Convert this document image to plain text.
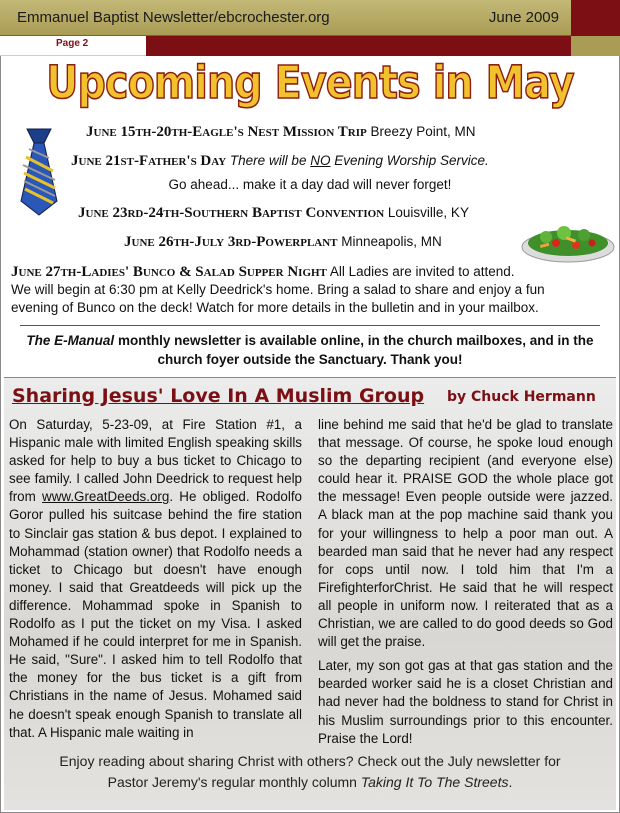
Emmanuel Baptist Newsletter/ebcrochester.org	June 2009
Page 2
Upcoming Events in May
June 15th-20th-Eagle's Nest Mission Trip Breezy Point, MN
June 21st-Father's Day There will be NO Evening Worship Service.
Go ahead... make it a day dad will never forget!
June 23rd-24th-Southern Baptist Convention Louisville, KY
June 26th-July 3rd-Powerplant Minneapolis, MN
June 27th-Ladies' Bunco & Salad Supper Night All Ladies are invited to attend.
We will begin at 6:30 pm at Kelly Deedrick's home. Bring a salad to share and enjoy a fun
evening of Bunco on the deck! Watch for more details in the bulletin and in your mailbox.
The E-Manual monthly newsletter is available online, in the church mailboxes, and in the
church foyer outside the Sanctuary. Thank you!
Sharing Jesus' Love In A Muslim Group by Chuck Hermann

On Saturday, 5-23-09, at Fire Station #1, a Hispanic male with limited English speaking skills asked for help to buy a bus ticket to Chicago to see family. I called John Deedrick to request help from www.GreatDeeds.org. He obliged. Rodolfo Goror pulled his suitcase behind the fire station to Sinclair gas station & bus depot. I explained to Mohammad (station owner) that Rodolfo needs a ticket to Chicago but doesn't have enough money. I said that Greatdeeds will pick up the difference. Mohammad spoke in Spanish to Rodolfo as I put the ticket on my Visa. I asked Mohamed if he could interpret for me in Spanish. He said, "Sure". I asked him to tell Rodolfo that the money for the bus ticket is a gift from Christians in the name of Jesus. Mohamed said he doesn't speak enough Spanish to translate all that. A Hispanic male waiting in

line behind me said that he'd be glad to translate that message. Of course, he spoke loud enough so the departing recipient (and everyone else) could hear it. PRAISE GOD the whole place got the message! Even people outside were jazzed. A black man at the pop machine said thank you for your willingness to help a poor man out. A bearded man said that he never had any respect for cops until now. I told him that I'm a FirefighterforChrist. He said that he will respect all people in uniform now. I reiterated that as a Christian, we are called to do good deeds so God will get the praise.

Later, my son got gas at that gas station and the bearded worker said he is a closet Christian and had never had the boldness to stand for Christ in his Muslim surroundings prior to this encounter. Praise the Lord!

Enjoy reading about sharing Christ with others? Check out the July newsletter for
Pastor Jeremy's regular monthly column Taking It To The Streets.
